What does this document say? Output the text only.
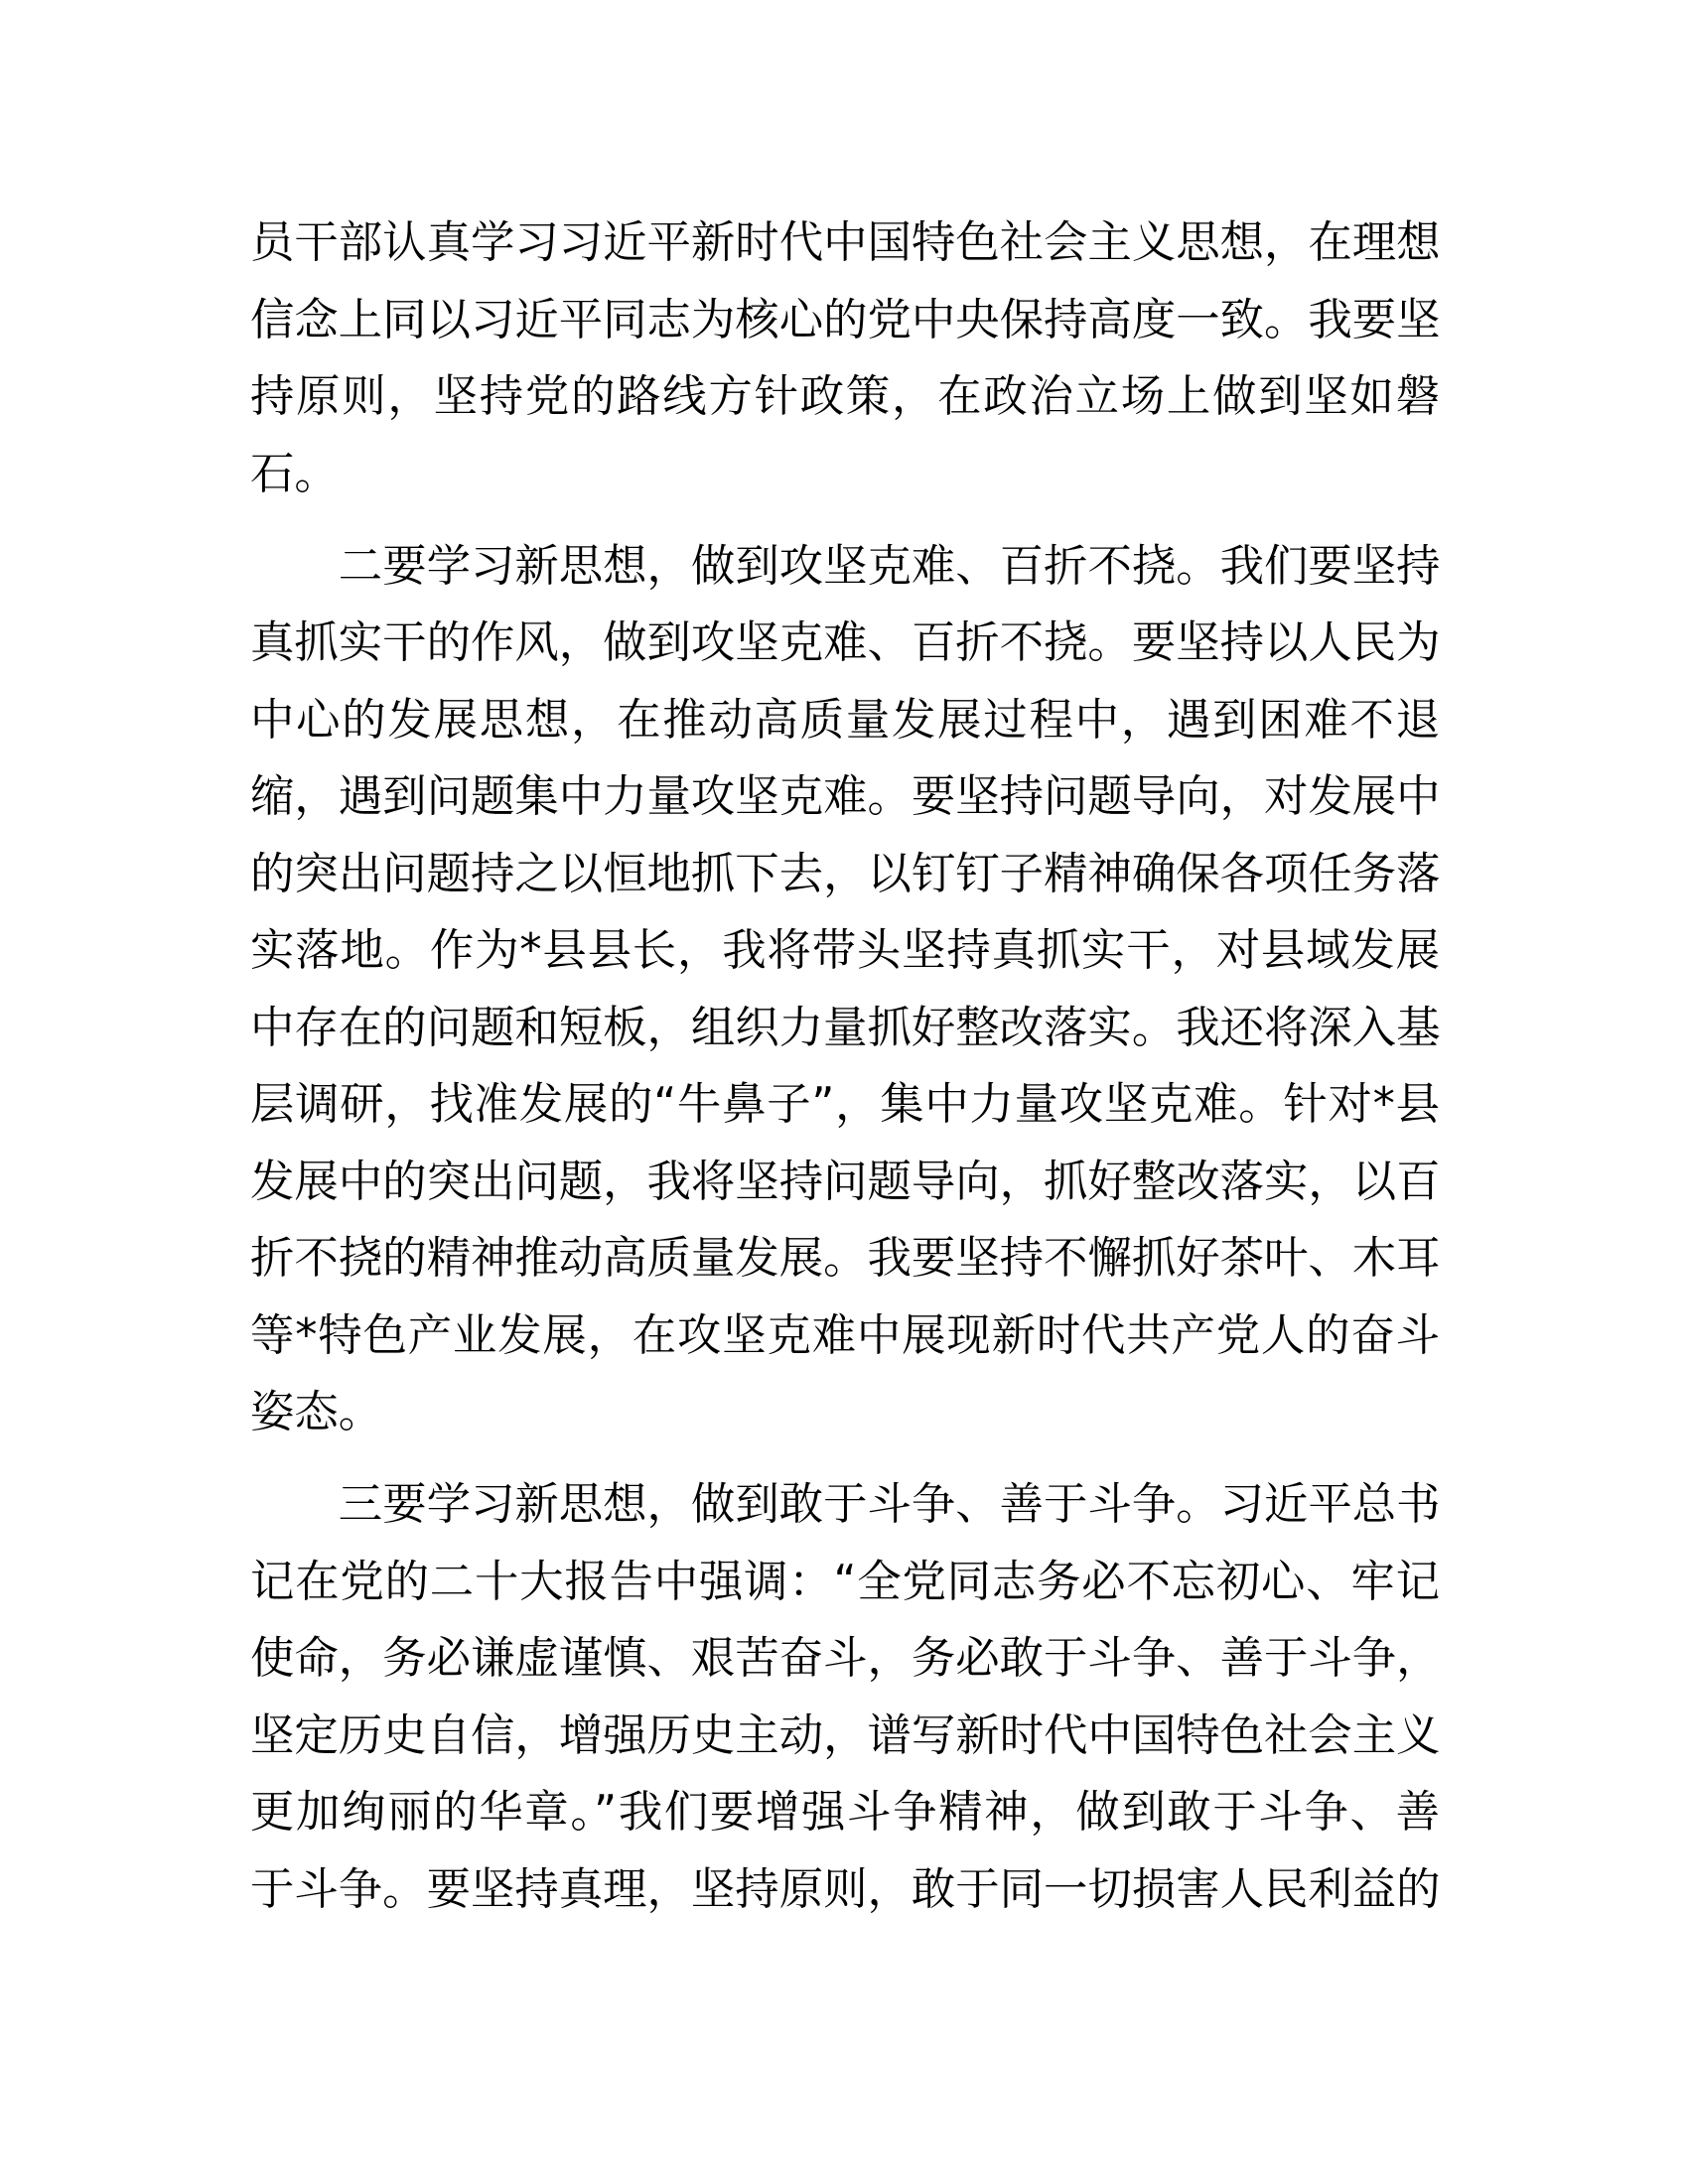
员干部认真学习习近平新时代中国特色社会主义思想，在理想
信念上同以习近平同志为核心的党中央保持高度一致。我要坚
持原则，坚持党的路线方针政策，在政治立场上做到坚如磐
石。

二要学习新思想，做到攻坚克难、百折不挠。我们要坚持
真抓实干的作风，做到攻坚克难、百折不挠。要坚持以人民为
中心的发展思想，在推动高质量发展过程中，遇到困难不退
缩，遇到问题集中力量攻坚克难。要坚持问题导向，对发展中
的突出问题持之以恒地抓下去，以钉钉子精神确保各项任务落
实落地。作为*县县长，我将带头坚持真抓实干，对县域发展
中存在的问题和短板，组织力量抓好整改落实。我还将深入基
层调研，找准发展的“牛鼻子”，集中力量攻坚克难。针对*县
发展中的突出问题，我将坚持问题导向，抓好整改落实，以百
折不挠的精神推动高质量发展。我要坚持不懈抓好茶叶、木耳
等*特色产业发展，在攻坚克难中展现新时代共产党人的奋斗
姿态。

三要学习新思想，做到敢于斗争、善于斗争。习近平总书
记在党的二十大报告中强调：“全党同志务必不忘初心、牢记
使命，务必谦虚谨慎、艰苦奋斗，务必敢于斗争、善于斗争，
坚定历史自信，增强历史主动，谱写新时代中国特色社会主义
更加绚丽的华章。”我们要增强斗争精神，做到敢于斗争、善
于斗争。要坚持真理，坚持原则，敢于同一切损害人民利益的
